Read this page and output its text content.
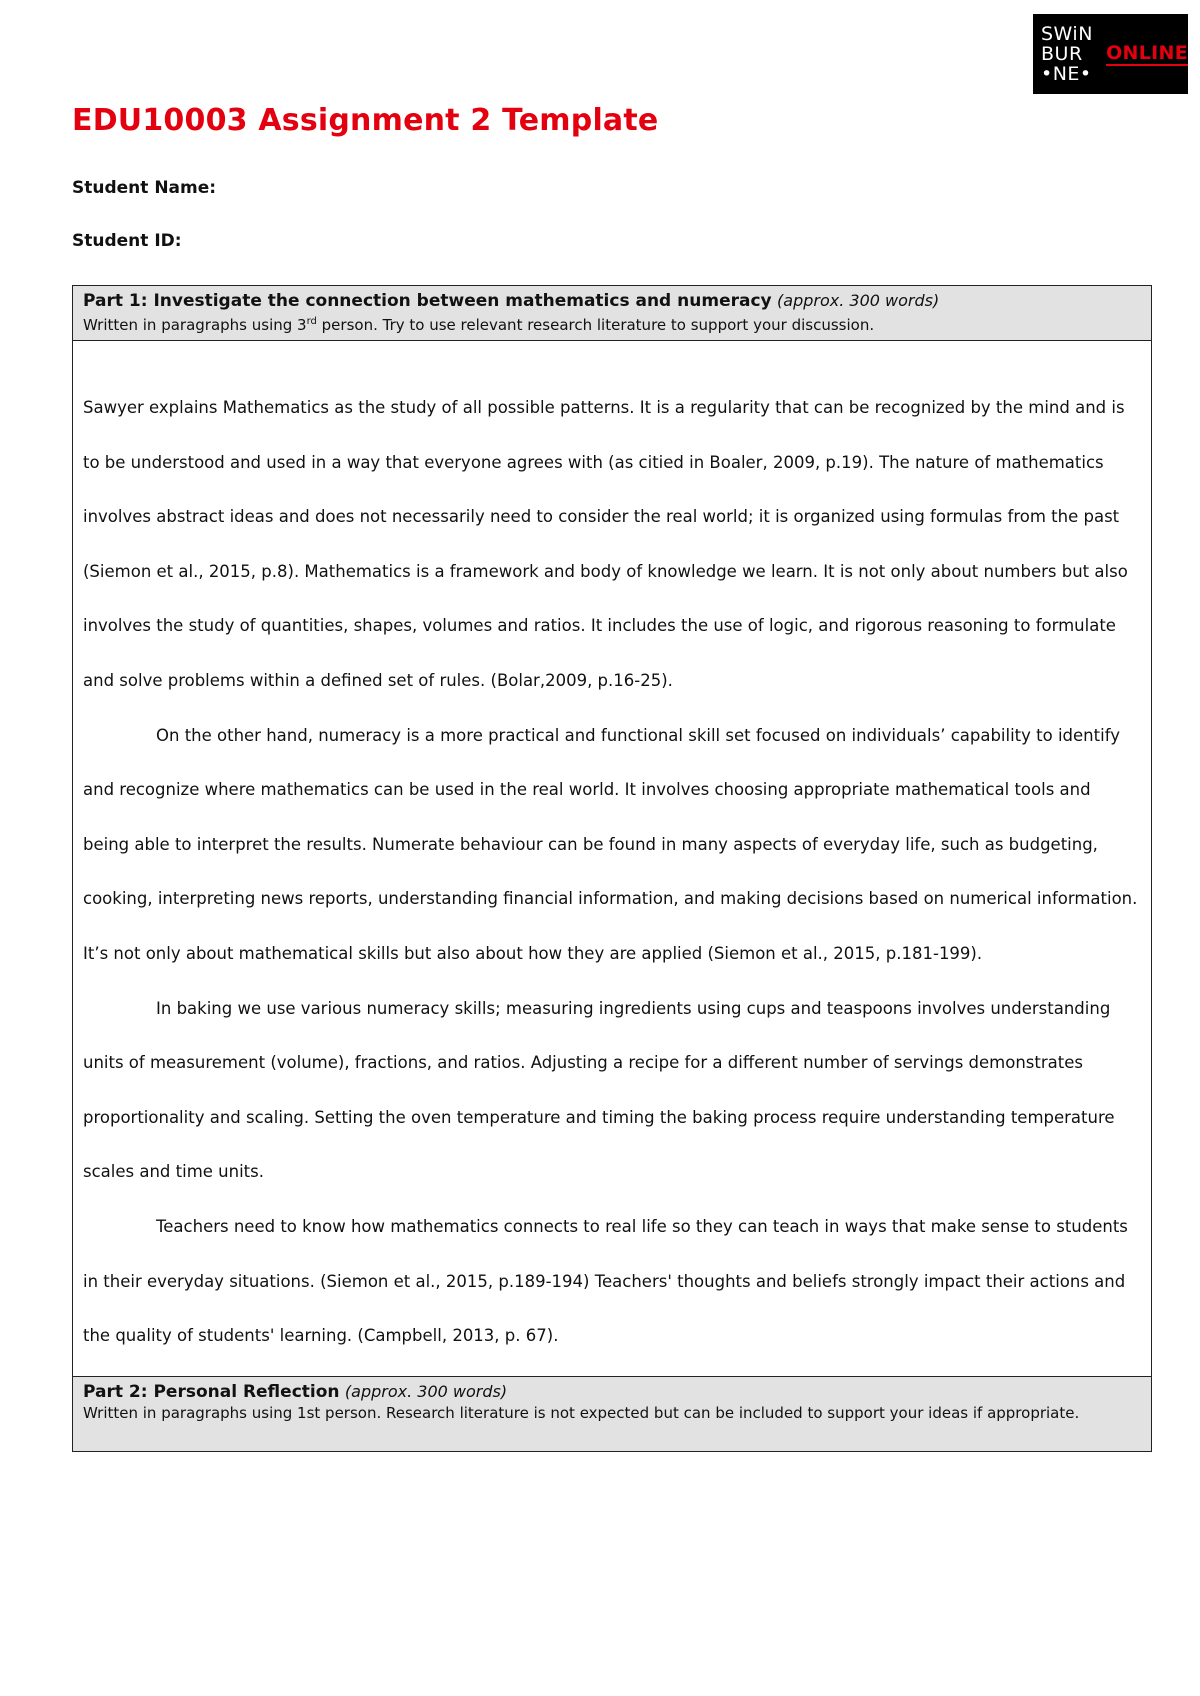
SWiN
BUR
•NE•
ONLINE
EDU10003 Assignment 2 Template

Student Name:

Student ID:

Part 1: Investigate the connection between mathematics and numeracy (approx. 300 words)
Written in paragraphs using 3rd person. Try to use relevant research literature to support your discussion.

Sawyer explains Mathematics as the study of all possible patterns. It is a regularity that can be recognized by the mind and is to be understood and used in a way that everyone agrees with (as citied in Boaler, 2009, p.19). The nature of mathematics involves abstract ideas and does not necessarily need to consider the real world; it is organized using formulas from the past (Siemon et al., 2015, p.8). Mathematics is a framework and body of knowledge we learn. It is not only about numbers but also involves the study of quantities, shapes, volumes and ratios. It includes the use of logic, and rigorous reasoning to formulate and solve problems within a defined set of rules. (Bolar,2009, p.16-25).

On the other hand, numeracy is a more practical and functional skill set focused on individuals’ capability to identify and recognize where mathematics can be used in the real world. It involves choosing appropriate mathematical tools and being able to interpret the results. Numerate behaviour can be found in many aspects of everyday life, such as budgeting, cooking, interpreting news reports, understanding financial information, and making decisions based on numerical information. It’s not only about mathematical skills but also about how they are applied (Siemon et al., 2015, p.181-199).

In baking we use various numeracy skills; measuring ingredients using cups and teaspoons involves understanding units of measurement (volume), fractions, and ratios. Adjusting a recipe for a different number of servings demonstrates proportionality and scaling. Setting the oven temperature and timing the baking process require understanding temperature scales and time units.

Teachers need to know how mathematics connects to real life so they can teach in ways that make sense to students in their everyday situations. (Siemon et al., 2015, p.189-194) Teachers' thoughts and beliefs strongly impact their actions and the quality of students' learning. (Campbell, 2013, p. 67).

Part 2: Personal Reflection (approx. 300 words)
Written in paragraphs using 1st person. Research literature is not expected but can be included to support your ideas if appropriate.
